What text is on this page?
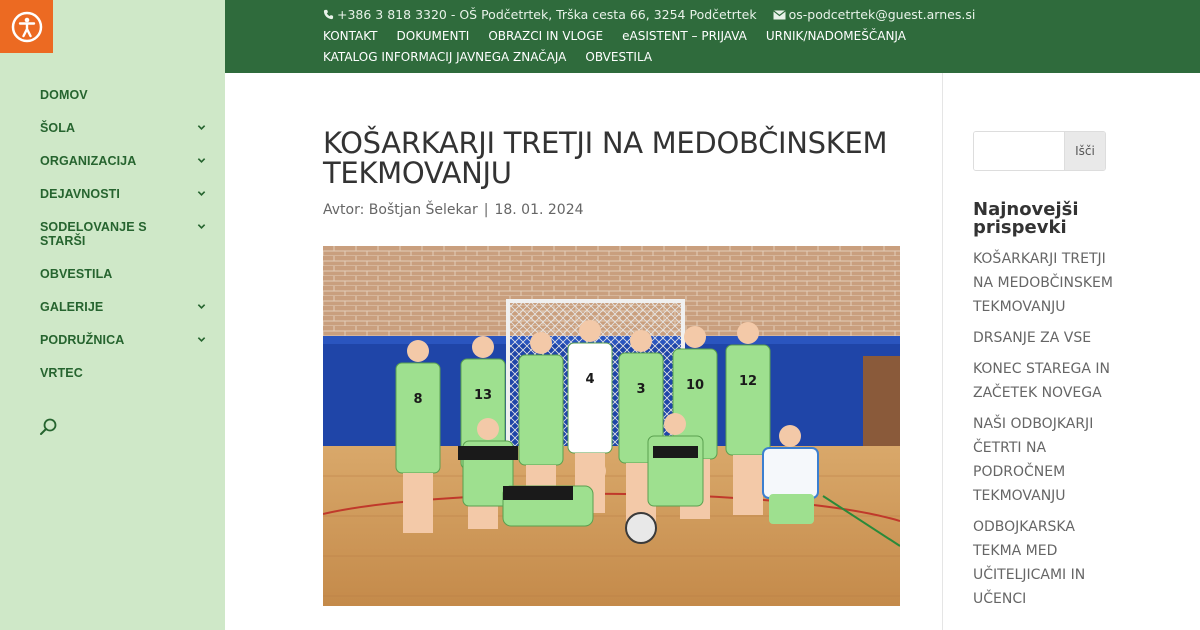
DOMOV
ŠOLA
ORGANIZACIJA
DEJAVNOSTI
SODELOVANJE S STARŠI
OBVESTILA
GALERIJE
PODRUŽNICA
VRTEC
+386 3 818 3320 - OŠ Podčetrtek, Trška cesta 66, 3254 Podčetrtek	os-podcetrtek@guest.arnes.si
KONTAKT DOKUMENTI OBRAZCI IN VLOGE eASISTENT – PRIJAVA URNIK/NADOMEŠČANJA
KATALOG INFORMACIJ JAVNEGA ZNAČAJA OBVESTILA
KOŠARKARJI TRETJI NA MEDOBČINSKEM TEKMOVANJU
Avtor: Boštjan Šelekar | 18. 01. 2024
8	13
4
3	10	12
Išči
Najnovejši prispevki
KOŠARKARJI TRETJI NA MEDOBČINSKEM TEKMOVANJU
DRSANJE ZA VSE
KONEC STAREGA IN ZAČETEK NOVEGA
NAŠI ODBOJKARJI ČETRTI NA PODROČNEM TEKMOVANJU
ODBOJKARSKA TEKMA MED UČITELJICAMI IN UČENCI
